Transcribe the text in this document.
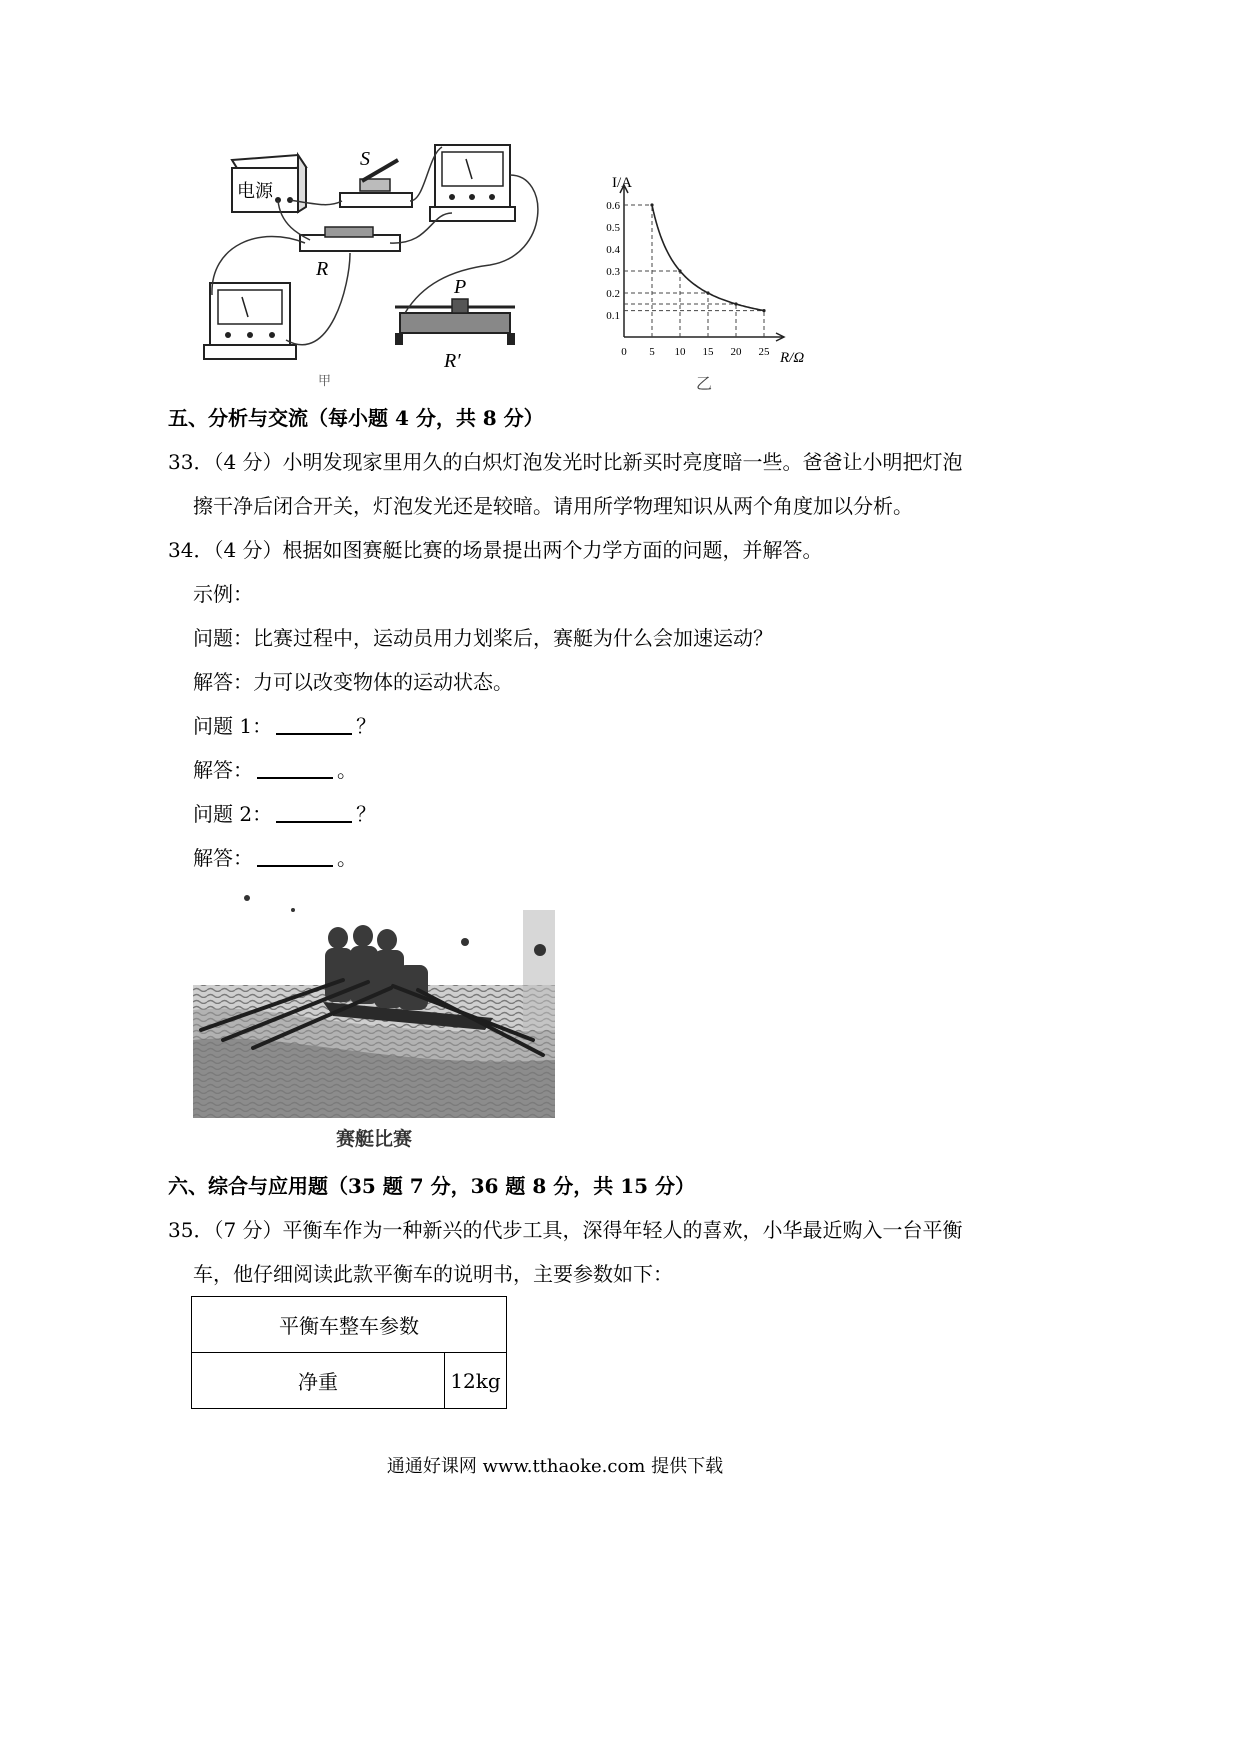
电源
S
R
P
R′
甲
I/A
R/Ω
乙
0.1
0.2
0.3
0.4
0.5
0.6
0 5 10 15 20 25
五、分析与交流（每小题 4 分，共 8 分）
33．（4 分）小明发现家里用久的白炽灯泡发光时比新买时亮度暗一些。爸爸让小明把灯泡
擦干净后闭合开关，灯泡发光还是较暗。请用所学物理知识从两个角度加以分析。
34．（4 分）根据如图赛艇比赛的场景提出两个力学方面的问题，并解答。
示例：
问题：比赛过程中，运动员用力划桨后，赛艇为什么会加速运动？
解答：力可以改变物体的运动状态。
问题 1：	？
解答：	。
问题 2：	？
解答：	。
赛艇比赛
六、综合与应用题（35 题 7 分，36 题 8 分，共 15 分）
35．（7 分）平衡车作为一种新兴的代步工具，深得年轻人的喜欢，小华最近购入一台平衡
车，他仔细阅读此款平衡车的说明书，主要参数如下：
平衡车整车参数
净重	12kg
通通好课网 www.tthaoke.com 提供下载
